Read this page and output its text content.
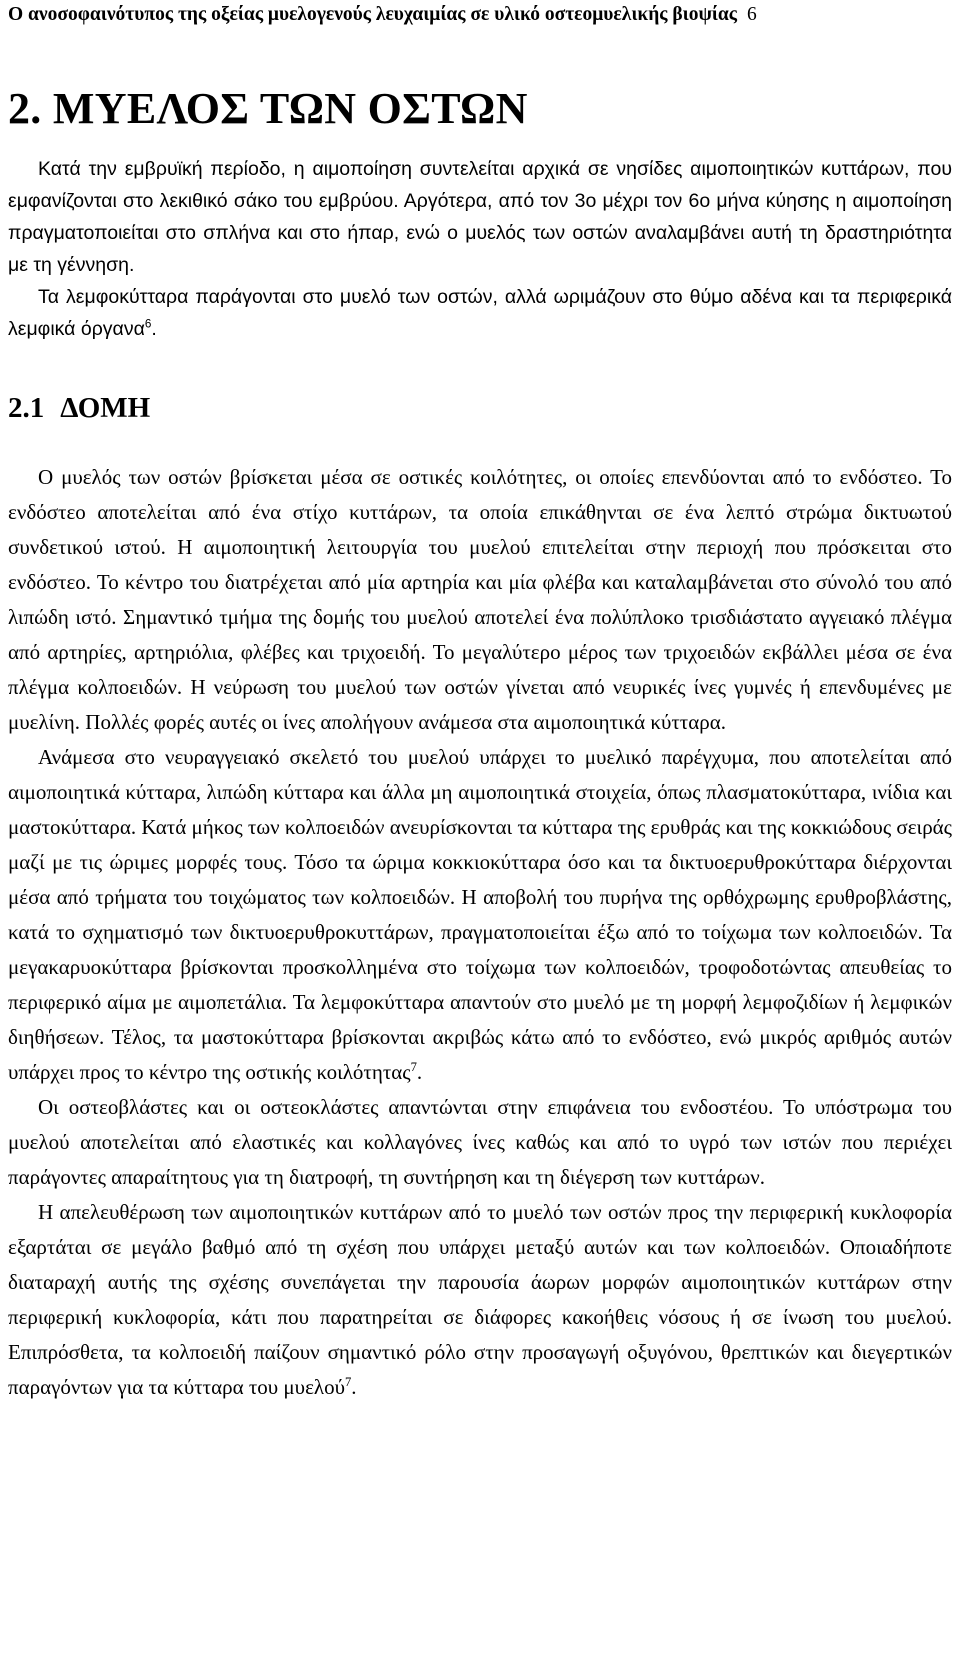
Ο ανοσοφαινότυπος της οξείας μυελογενούς λευχαιμίας σε υλικό οστεομυελικής βιοψίας 6
2. ΜΥΕΛΟΣ ΤΩΝ ΟΣΤΩΝ

Κατά την εμβρυϊκή περίοδο, η αιμοποίηση συντελείται αρχικά σε νησίδες αιμοποιητικών κυττάρων, που εμφανίζονται στο λεκιθικό σάκο του εμβρύου. Αργότερα, από τον 3ο μέχρι τον 6ο μήνα κύησης η αιμοποίηση πραγματοποιείται στο σπλήνα και στο ήπαρ, ενώ ο μυελός των οστών αναλαμβάνει αυτή τη δραστηριότητα με τη γέννηση.

Τα λεμφοκύτταρα παράγονται στο μυελό των οστών, αλλά ωριμάζουν στο θύμο αδένα και τα περιφερικά λεμφικά όργανα$^6$.

2.1 ΔΟΜΗ

Ο μυελός των οστών βρίσκεται μέσα σε οστικές κοιλότητες, οι οποίες επενδύονται από το ενδόστεο. Το ενδόστεο αποτελείται από ένα στίχο κυττάρων, τα οποία επικάθηνται σε ένα λεπτό στρώμα δικτυωτού συνδετικού ιστού. Η αιμοποιητική λειτουργία του μυελού επιτελείται στην περιοχή που πρόσκειται στο ενδόστεο. Το κέντρο του διατρέχεται από μία αρτηρία και μία φλέβα και καταλαμβάνεται στο σύνολό του από λιπώδη ιστό. Σημαντικό τμήμα της δομής του μυελού αποτελεί ένα πολύπλοκο τρισδιάστατο αγγειακό πλέγμα από αρτηρίες, αρτηριόλια, φλέβες και τριχοειδή. Το μεγαλύτερο μέρος των τριχοειδών εκβάλλει μέσα σε ένα πλέγμα κολποειδών. Η νεύρωση του μυελού των οστών γίνεται από νευρικές ίνες γυμνές ή επενδυμένες με μυελίνη. Πολλές φορές αυτές οι ίνες απολήγουν ανάμεσα στα αιμοποιητικά κύτταρα.

Ανάμεσα στο νευραγγειακό σκελετό του μυελού υπάρχει το μυελικό παρέγχυμα, που αποτελείται από αιμοποιητικά κύτταρα, λιπώδη κύτταρα και άλλα μη αιμοποιητικά στοιχεία, όπως πλασματοκύτταρα, ινίδια και μαστοκύτταρα. Κατά μήκος των κολποειδών ανευρίσκονται τα κύτταρα της ερυθράς και της κοκκιώδους σειράς μαζί με τις ώριμες μορφές τους. Τόσο τα ώριμα κοκκιοκύτταρα όσο και τα δικτυοερυθροκύτταρα διέρχονται μέσα από τρήματα του τοιχώματος των κολποειδών. Η αποβολή του πυρήνα της ορθόχρωμης ερυθροβλάστης, κατά το σχηματισμό των δικτυοερυθροκυττάρων, πραγματοποιείται έξω από το τοίχωμα των κολποειδών. Τα μεγακαρυοκύτταρα βρίσκονται προσκολλημένα στο τοίχωμα των κολποειδών, τροφοδοτώντας απευθείας το περιφερικό αίμα με αιμοπετάλια. Τα λεμφοκύτταρα απαντούν στο μυελό με τη μορφή λεμφοζιδίων ή λεμφικών διηθήσεων. Τέλος, τα μαστοκύτταρα βρίσκονται ακριβώς κάτω από το ενδόστεο, ενώ μικρός αριθμός αυτών υπάρχει προς το κέντρο της οστικής κοιλότητας$^7$.

Οι οστεοβλάστες και οι οστεοκλάστες απαντώνται στην επιφάνεια του ενδοστέου. Το υπόστρωμα του μυελού αποτελείται από ελαστικές και κολλαγόνες ίνες καθώς και από το υγρό των ιστών που περιέχει παράγοντες απαραίτητους για τη διατροφή, τη συντήρηση και τη διέγερση των κυττάρων.

Η απελευθέρωση των αιμοποιητικών κυττάρων από το μυελό των οστών προς την περιφερική κυκλοφορία εξαρτάται σε μεγάλο βαθμό από τη σχέση που υπάρχει μεταξύ αυτών και των κολποειδών. Οποιαδήποτε διαταραχή αυτής της σχέσης συνεπάγεται την παρουσία άωρων μορφών αιμοποιητικών κυττάρων στην περιφερική κυκλοφορία, κάτι που παρατηρείται σε διάφορες κακοήθεις νόσους ή σε ίνωση του μυελού. Επιπρόσθετα, τα κολποειδή παίζουν σημαντικό ρόλο στην προσαγωγή οξυγόνου, θρεπτικών και διεγερτικών παραγόντων για τα κύτταρα του μυελού$^7$.
